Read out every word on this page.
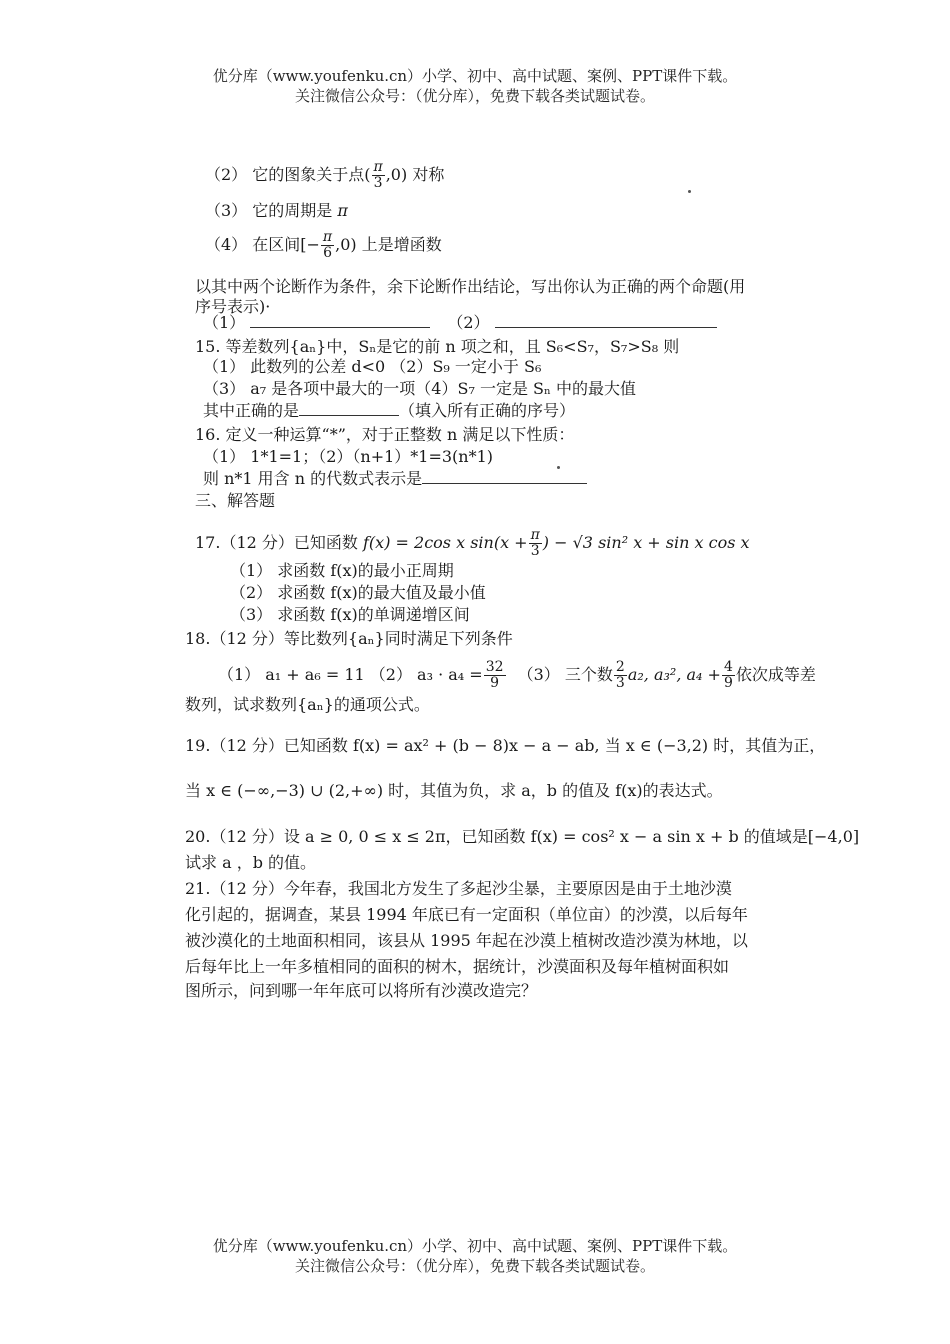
优分库（www.youfenku.cn）小学、初中、高中试题、案例、PPT课件下载。
关注微信公众号：（优分库），免费下载各类试题试卷。
（2） 它的图象关于点( $\frac{\pi}{3} ,0$) 对称
（3） 它的周期是 π
（4） 在区间[− $\frac{\pi}{6} ,0$) 上是增函数
以其中两个论断作为条件，余下论断作出结论，写出你认为正确的两个命题(用
序号表示)·
（1）	（2）
15. 等差数列{aₙ}中，Sₙ是它的前 n 项之和，且 S₆<S₇，S₇>S₈ 则
（1） 此数列的公差 d<0 （2）S₉ 一定小于 S₆
（3） a₇ 是各项中最大的一项（4）S₇ 一定是 Sₙ 中的最大值
其中正确的是	（填入所有正确的序号）
16. 定义一种运算“*”，对于正整数 n 满足以下性质：
（1） 1*1=1；（2）（n+1）*1=3(n*1)
则 n*1 用含 n 的代数式表示是
三、解答题
17.（12 分）已知函数 f(x) = 2cos x $\sin(x + \frac{\pi}{3}$ ) − √3 sin² x + sin x cos x
（1） 求函数 f(x)的最小正周期
（2） 求函数 f(x)的最大值及最小值
（3） 求函数 f(x)的单调递增区间
18.（12 分）等比数列{aₙ}同时满足下列条件
（1） a₁ + a₆ = 11 （2） $a_3 \cdot a_4 = \frac{32}{9} (3)$ 三个数 $\frac{2}{3} a_2$, a₃², $a_4 + \frac{4}{9}$ 依次成等差
数列，试求数列{aₙ}的通项公式。
19.（12 分）已知函数 f(x) = ax² + (b − 8)x − a − ab, 当 x ∈ (−3,2) 时，其值为正，
当 x ∈ (−∞,−3) ∪ (2,+∞) 时，其值为负，求 a，b 的值及 f(x)的表达式。
20.（12 分）设 a ≥ 0, 0 ≤ x ≤ 2π，已知函数 f(x) = cos² x − a sin x + b 的值域是[−4,0]
试求 a ，b 的值。
21.（12 分）今年春，我国北方发生了多起沙尘暴，主要原因是由于土地沙漠
化引起的，据调查，某县 1994 年底已有一定面积（单位亩）的沙漠，以后每年
被沙漠化的土地面积相同，该县从 1995 年起在沙漠上植树改造沙漠为林地，以
后每年比上一年多植相同的面积的树木，据统计，沙漠面积及每年植树面积如
图所示，问到哪一年年底可以将所有沙漠改造完？
优分库（www.youfenku.cn）小学、初中、高中试题、案例、PPT课件下载。
关注微信公众号：（优分库），免费下载各类试题试卷。
